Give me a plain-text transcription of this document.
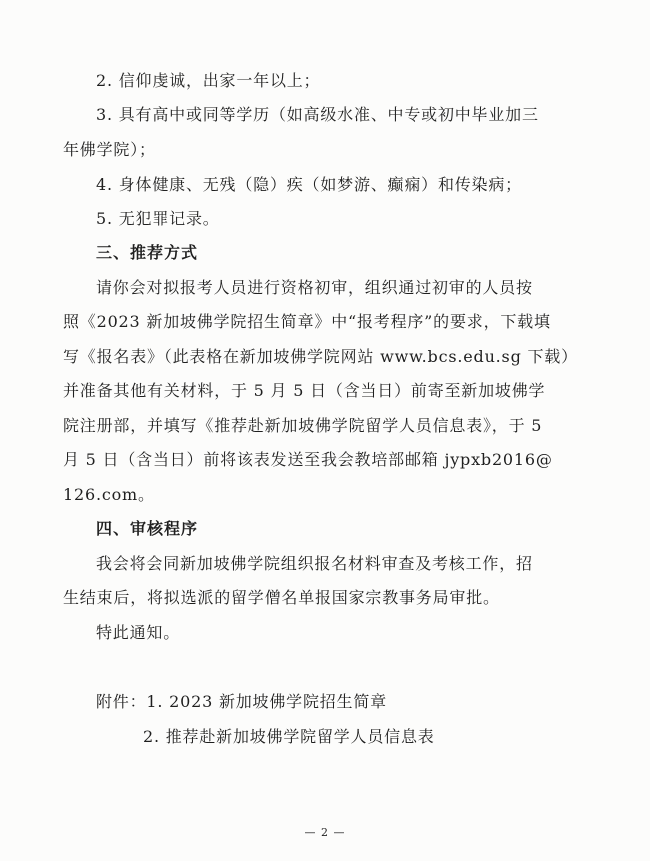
2. 信仰虔诚，出家一年以上；
3. 具有高中或同等学历（如高级水准、中专或初中毕业加三
年佛学院）；
4. 身体健康、无残（隐）疾（如梦游、癫痫）和传染病；
5. 无犯罪记录。
三、推荐方式
请你会对拟报考人员进行资格初审，组织通过初审的人员按
照《2023 新加坡佛学院招生简章》中“报考程序”的要求，下载填
写《报名表》（此表格在新加坡佛学院网站 www.bcs.edu.sg 下载）
并准备其他有关材料，于 5 月 5 日（含当日）前寄至新加坡佛学
院注册部，并填写《推荐赴新加坡佛学院留学人员信息表》，于 5
月 5 日（含当日）前将该表发送至我会教培部邮箱 jypxb2016@
126.com。
四、审核程序
我会将会同新加坡佛学院组织报名材料审查及考核工作，招
生结束后，将拟选派的留学僧名单报国家宗教事务局审批。
特此通知。
附件：1. 2023 新加坡佛学院招生简章
2. 推荐赴新加坡佛学院留学人员信息表
— 2 —
